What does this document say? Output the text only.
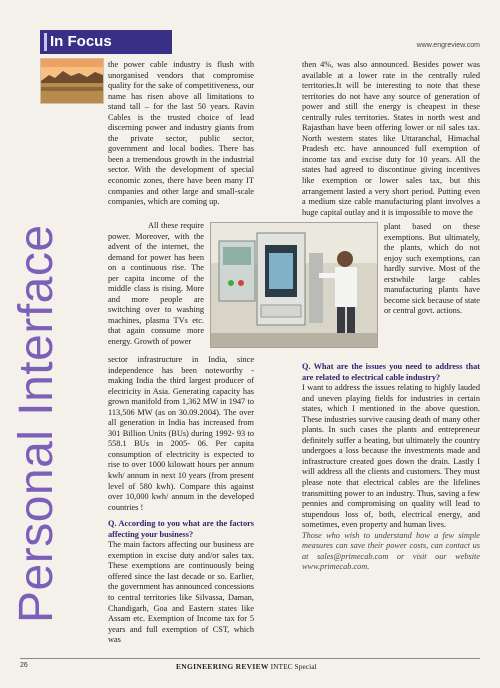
In Focus	www.engreview.com
Personal Interface

the power cable industry is flush with unorganised vendors that compromise quality for the sake of competitiveness, our name has risen above all limitations to stand tall – for the last 50 years. Ravin Cables is the trusted choice of lead discerning power and industry giants from the private sector, public sector, government and local bodies. There has been a tremendous growth in the industrial sector. With the development of special economic zones, there have been many IT companies and other large and small-scale companies, which are coming up.

All these require power. Moreover, with the advent of the internet, the demand for power has been on a continuous rise. The per capita income of the middle class is rising. More and more people are switching over to washing machines, plasma TVs etc. that again consume more energy. Growth of power

sector infrastructure in India, since independence has been noteworthy - making India the third largest producer of electricity in Asia. Generating capacity has grown manifold from 1,362 MW in 1947 to 113,506 MW (as on 30.09.2004). The over all generation in India has increased from 301 Billion Units (BUs) during 1992- 93 to 558.1 BUs in 2005- 06. Per capita consumption of electricity is expected to rise to over 1000 kilowatt hours per annum kwh/ annum in next 10 years (from present level of 580 kwh). Compare this against over 10,000 kwh/ annum in the developed countries !

Q. According to you what are the factors affecting your business?

The main factors affecting our business are exemption in excise duty and/or sales tax. These exemptions are continuously being offered since the last decade or so. Earlier, the government has announced concessions to central territories like Silvassa, Daman, Chandigarh, Goa and Eastern states like Assam etc. Exemption of Income tax for 5 years and full exemption of CST, which was

then 4%, was also announced. Besides power was available at a lower rate in the centrally ruled territories.It will be interesting to note that these territories do not have any source of generation of power and still the energy is cheapest in these centrally rules territories. States in north west and Rajasthan have been offering lower or nil sales tax. North western states like Uttaranchal, Himachal Pradesh etc. have announced full exemption of income tax and excise duty for 10 years. All the states had agreed to discontinue giving incentives like exemption or lower sales tax, but this arrangement lasted a very short period. Putting even a medium size cable manufacturing plant involves a huge capital outlay and it is impossible to move the

plant based on these exemptions. But ultimately, the plants, which do not enjoy such exemptions, can hardly survive. Most of the erstwhile large cables manufacturing plants have become sick because of state or central govt. actions.

Q. What are the issues you need to address that are related to electrical cable industry?

I want to address the issues relating to highly lauded and uneven playing fields for industries in certain states, which I mentioned in the above question. These industries survive causing death of many other plants. In such cases the plants and entrepreneur definitely suffer a beating, but ultimately the country undergoes a loss because the investments made and infrastructure created goes down the drain. Lastly I will address all the clients and customers. They must please note that electrical cables are the lifelines transmitting power to an industry. Thus, saving a few pennies and compromising on quality will lead to stupendous loss of, both, electrical energy, and sometimes, even property and human lives.

Those who wish to understand how a few simple measures can save their power costs, can contact us at sales@primecab.com or visit our website www.primecab.com.

26	ENGINEERING REVIEW INTEC Special
